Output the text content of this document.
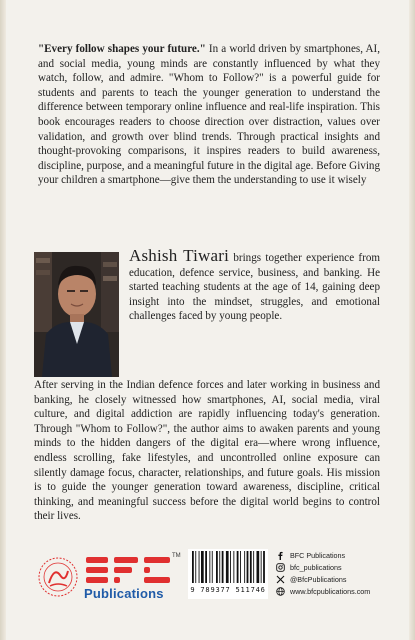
"Every follow shapes your future." In a world driven by smartphones, AI, and social media, young minds are constantly influenced by what they watch, follow, and admire. "Whom to Follow?" is a powerful guide for students and parents to teach the younger generation to understand the difference between temporary online influence and real-life inspiration. This book encourages readers to choose direction over distraction, values over validation, and growth over blind trends. Through practical insights and thought-provoking comparisons, it inspires readers to build awareness, discipline, purpose, and a meaningful future in the digital age. Before Giving your children a smartphone—give them the understanding to use it wisely

Ashish Tiwari brings together experience from education, defence service, business, and banking. He started teaching students at the age of 14, gaining deep insight into the mindset, struggles, and emotional challenges faced by young people.

After serving in the Indian defence forces and later working in business and banking, he closely witnessed how smartphones, AI, social media, viral culture, and digital addiction are rapidly influencing today's generation. Through "Whom to Follow?", the author aims to awaken parents and young minds to the hidden dangers of the digital era—where wrong influence, endless scrolling, fake lifestyles, and uncontrolled online exposure can silently damage focus, character, relationships, and future goals. His mission is to guide the younger generation toward awareness, discipline, critical thinking, and meaningful success before the digital world begins to control their lives.

Publications
TM
9 789377 511746
BFC Publications
bfc_publications
@BfcPublications
www.bfcpublications.com
